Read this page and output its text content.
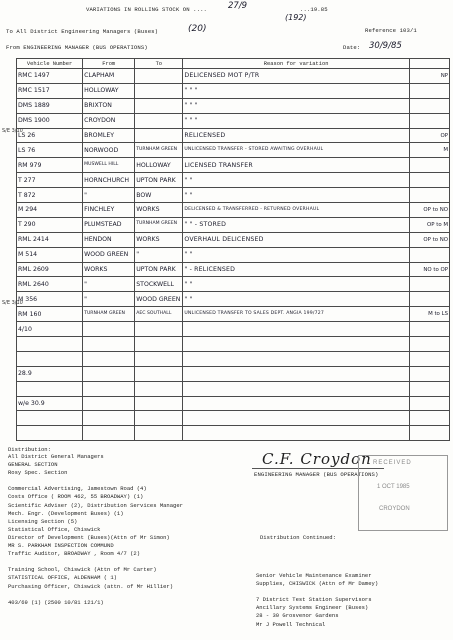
VARIATIONS IN ROLLING STOCK ON .... 27/9	...19.85
(192)
To All District Engineering Managers (Buses)	(20)	Reference 103/1
From ENGINEERING MANAGER (BUS OPERATIONS)	Date: 30/9/85
S/E 3/10
S/E 3/10
Vehicle Number	From	To	Reason for variation	
RMC 1497	CLAPHAM		DELICENSED MOT P/TR	NP
RMC 1517	HOLLOWAY		" " "	
DMS 1889	BRIXTON		" " "	
DMS 1900	CROYDON		" " "	
LS 26	BROMLEY		RELICENSED	OP
LS 76	NORWOOD	TURNHAM GREEN	UNLICENSED TRANSFER - STORED AWAITING OVERHAUL	M
RM 979	MUSWELL HILL	HOLLOWAY	LICENSED TRANSFER	
T 277	HORNCHURCH	UPTON PARK	" "	
T 872	"	BOW	" "	
M 294	FINCHLEY	WORKS	DELICENSED & TRANSFERRED - RETURNED OVERHAUL	OP to NO
T 290	PLUMSTEAD	TURNHAM GREEN	" " - STORED	OP to M
RML 2414	HENDON	WORKS	OVERHAUL DELICENSED	OP to NO
M 514	WOOD GREEN	"	" "	
RML 2609	WORKS	UPTON PARK	" - RELICENSED	NO to OP
RML 2640	"	STOCKWELL	" "	
M 356	"	WOOD GREEN	" "	
RM 160	TURNHAM GREEN	AEC SOUTHALL	UNLICENSED TRANSFER TO SALES DEPT. ANGIA 199/727	M to LS
4/10				

28.9				

w/e 30.9				

C.F. Croydon
ENGINEERING MANAGER (BUS OPERATIONS)
RECEIVED
1 OCT 1985
CROYDON
Distribution:
All District General Managers
GENERAL SECTION
Rosy Spec. Section
Commercial Advertising, Jamestown Road (4)
Costs Office ( ROOM 462, 55 BROADWAY) (1)
Scientific Adviser (2), Distribution Services Manager
Mech. Engr. (Development Buses) (1)
Licensing Section (5)
Statistical Office, Chiswick
Director of Development (Buses)(Attn of Mr Simon)
MR S. PARKHAM INSPECTION COMMUND
Traffic Auditor, BROADWAY , Room 4/7 (2)
Training School, Chiswick (Attn of Mr Carter)
STATISTICAL OFFICE, ALDENHAM ( 1)
Purchasing Officer, Chiswick (attn. of Mr Hillier)
403/69 (1) (2500 10/81 121/1)
Distribution Continued:
Senior Vehicle Maintenance Examiner
Supplies, CHISWICK (Attn of Mr Damey)
7 District Test Station Supervisors
Ancillary Systems Engineer (Buses)
28 - 30 Grosvenor Gardens
Mr J Powell Technical
